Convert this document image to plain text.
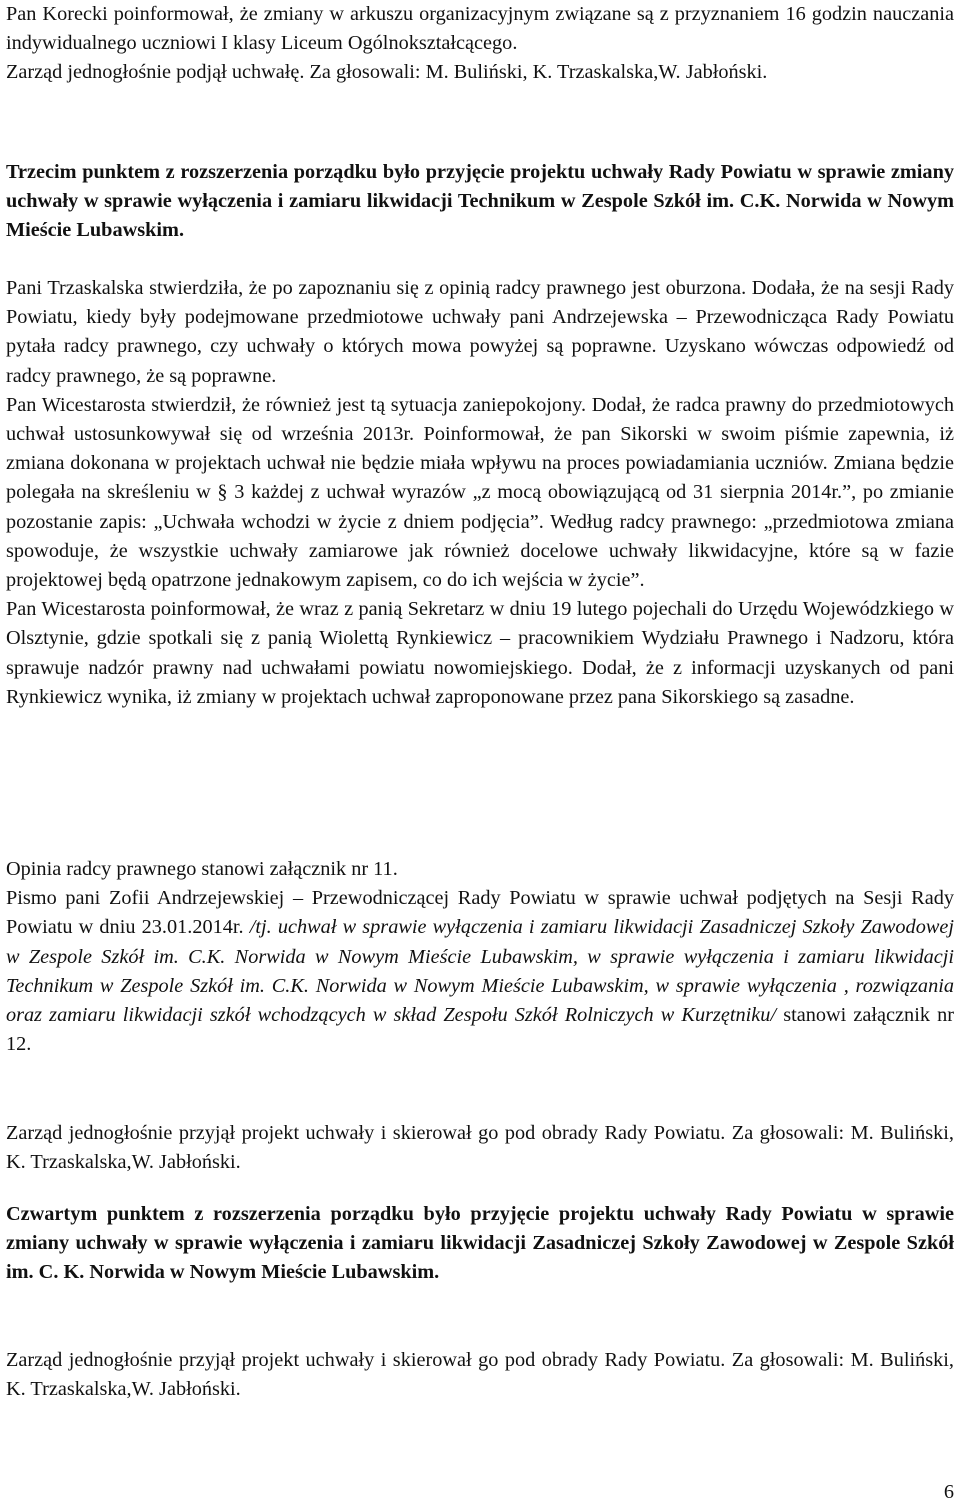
Pan Korecki poinformował, że zmiany w arkuszu organizacyjnym związane są z przyznaniem 16 godzin nauczania indywidualnego uczniowi I klasy Liceum Ogólnokształcącego.

Zarząd jednogłośnie podjął uchwałę. Za głosowali: M. Buliński, K. Trzaskalska,W. Jabłoński.

Trzecim punktem z rozszerzenia porządku było przyjęcie projektu uchwały Rady Powiatu w sprawie zmiany uchwały w sprawie wyłączenia i zamiaru likwidacji Technikum w Zespole Szkół im. C.K. Norwida w Nowym Mieście Lubawskim.

Pani Trzaskalska stwierdziła, że po zapoznaniu się z opinią radcy prawnego jest oburzona. Dodała, że na sesji Rady Powiatu, kiedy były podejmowane przedmiotowe uchwały pani Andrzejewska – Przewodnicząca Rady Powiatu pytała radcy prawnego, czy uchwały o których mowa powyżej są poprawne. Uzyskano wówczas odpowiedź od radcy prawnego, że są poprawne.

Pan Wicestarosta stwierdził, że również jest tą sytuacja zaniepokojony. Dodał, że radca prawny do przedmiotowych uchwał ustosunkowywał się od września 2013r. Poinformował, że pan Sikorski w swoim piśmie zapewnia, iż zmiana dokonana w projektach uchwał nie będzie miała wpływu na proces powiadamiania uczniów. Zmiana będzie polegała na skreśleniu w § 3 każdej z uchwał wyrazów „z mocą obowiązującą od 31 sierpnia 2014r.”, po zmianie pozostanie zapis: „Uchwała wchodzi w życie z dniem podjęcia”. Według radcy prawnego: „przedmiotowa zmiana spowoduje, że wszystkie uchwały zamiarowe jak również docelowe uchwały likwidacyjne, które są w fazie projektowej będą opatrzone jednakowym zapisem, co do ich wejścia w życie”.

Pan Wicestarosta poinformował, że wraz z panią Sekretarz w dniu 19 lutego pojechali do Urzędu Wojewódzkiego w Olsztynie, gdzie spotkali się z panią Wiolettą Rynkiewicz – pracownikiem Wydziału Prawnego i Nadzoru, która sprawuje nadzór prawny nad uchwałami powiatu nowomiejskiego. Dodał, że z informacji uzyskanych od pani Rynkiewicz wynika, iż zmiany w projektach uchwał zaproponowane przez pana Sikorskiego są zasadne.

Opinia radcy prawnego stanowi załącznik nr 11.

Pismo pani Zofii Andrzejewskiej – Przewodniczącej Rady Powiatu w sprawie uchwał podjętych na Sesji Rady Powiatu w dniu 23.01.2014r. /tj. uchwał w sprawie wyłączenia i zamiaru likwidacji Zasadniczej Szkoły Zawodowej w Zespole Szkół im. C.K. Norwida w Nowym Mieście Lubawskim, w sprawie wyłączenia i zamiaru likwidacji Technikum w Zespole Szkół im. C.K. Norwida w Nowym Mieście Lubawskim, w sprawie wyłączenia , rozwiązania oraz zamiaru likwidacji szkół wchodzących w skład Zespołu Szkół Rolniczych w Kurzętniku/ stanowi załącznik nr 12.

Zarząd jednogłośnie przyjął projekt uchwały i skierował go pod obrady Rady Powiatu. Za głosowali: M. Buliński, K. Trzaskalska,W. Jabłoński.

Czwartym punktem z rozszerzenia porządku było przyjęcie projektu uchwały Rady Powiatu w sprawie zmiany uchwały w sprawie wyłączenia i zamiaru likwidacji Zasadniczej Szkoły Zawodowej w Zespole Szkół im. C. K. Norwida w Nowym Mieście Lubawskim.

Zarząd jednogłośnie przyjął projekt uchwały i skierował go pod obrady Rady Powiatu. Za głosowali: M. Buliński, K. Trzaskalska,W. Jabłoński.

6
